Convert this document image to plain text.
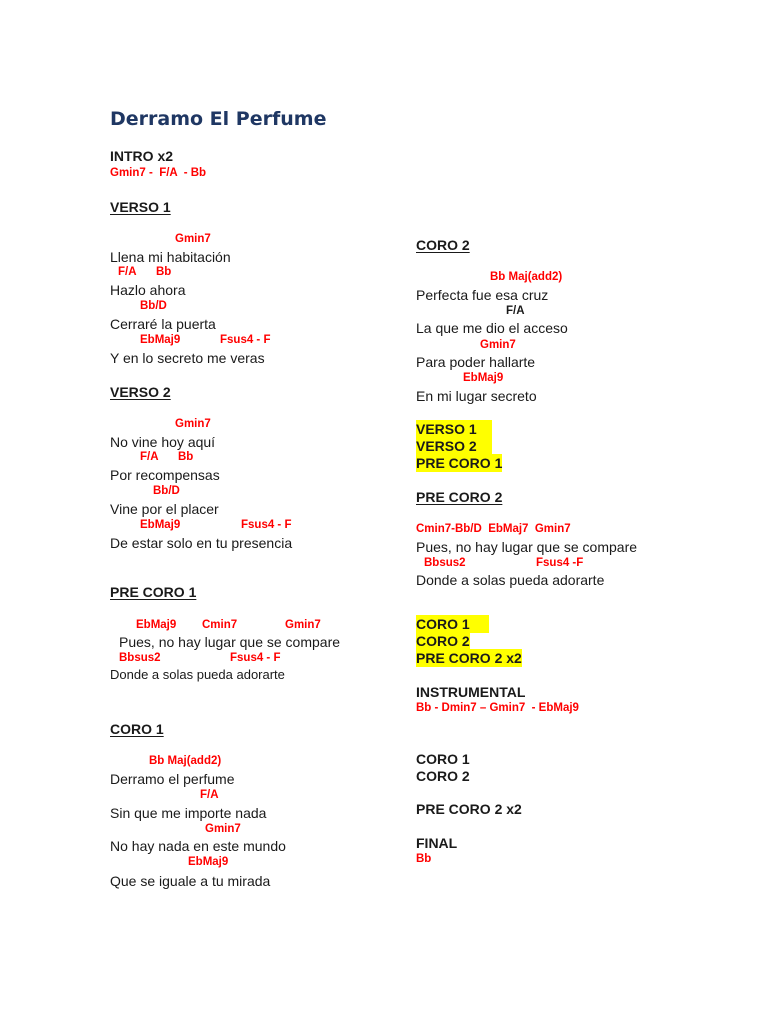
Derramo El Perfume
INTRO x2
Gmin7 -  F/A  - Bb
VERSO 1
Gmin7
Llena mi habitación
F/A Bb
Hazlo ahora
Bb/D
Cerraré la puerta
EbMaj9	Fsus4 - F
Y en lo secreto me veras
VERSO 2
Gmin7
No vine hoy aquí
F/A Bb
Por recompensas
Bb/D
Vine por el placer
EbMaj9	Fsus4 - F
De estar solo en tu presencia
PRE CORO 1
EbMaj9 Cmin7	Gmin7
Pues, no hay lugar que se compare
Bbsus2	Fsus4 - F
Donde a solas pueda adorarte
CORO 1
Bb Maj(add2)
Derramo el perfume
F/A
Sin que me importe nada
Gmin7
No hay nada en este mundo
EbMaj9
Que se iguale a tu mirada
CORO 2
Bb Maj(add2)
Perfecta fue esa cruz
F/A
La que me dio el acceso
Gmin7
Para poder hallarte
EbMaj9
En mi lugar secreto
VERSO 1
VERSO 2
PRE CORO 1
PRE CORO 2
Cmin7-Bb/D  EbMaj7  Gmin7
Pues, no hay lugar que se compare
Bbsus2	Fsus4 -F
Donde a solas pueda adorarte
CORO 1
CORO 2
PRE CORO 2 x2
INSTRUMENTAL
Bb - Dmin7 – Gmin7  - EbMaj9
CORO 1
CORO 2
PRE CORO 2 x2
FINAL
Bb
